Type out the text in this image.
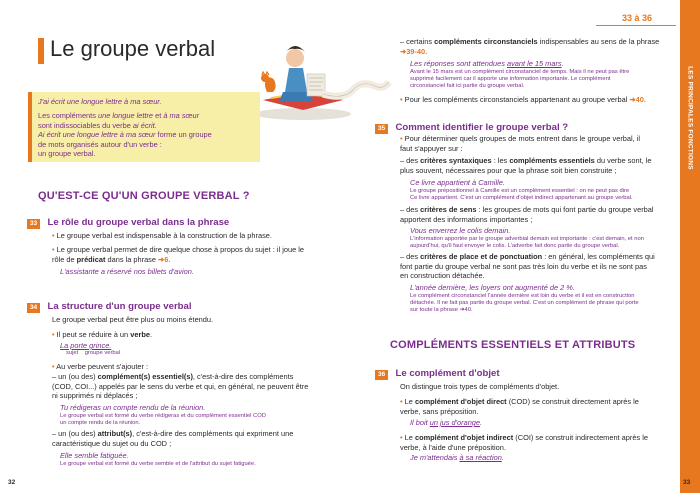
Le groupe verbal
J'ai écrit une longue lettre à ma sœur.
Les compléments une longue lettre et à ma sœur
sont indissociables du verbe ai écrit.
Ai écrit une longue lettre à ma sœur forme un groupe
de mots organisés autour d'un verbe :
un groupe verbal.
QU'EST-CE QU'UN GROUPE VERBAL ?
33 Le rôle du groupe verbal dans la phrase
• Le groupe verbal est indispensable à la construction de la phrase.
• Le groupe verbal permet de dire quelque chose à propos du sujet : il joue le
rôle de prédicat dans la phrase ➜6.
L'assistante a réservé nos billets d'avion.
34 La structure d'un groupe verbal
Le groupe verbal peut être plus ou moins étendu.
• Il peut se réduire à un verbe.
La porte grince.
sujet groupe verbal
• Au verbe peuvent s'ajouter :
– un (ou des) complément(s) essentiel(s), c'est-à-dire des compléments
(COD, COI...) appelés par le sens du verbe et qui, en général, ne peuvent être
ni supprimés ni déplacés ;
Tu rédigeras un compte rendu de la réunion.
Le groupe verbal est formé du verbe rédigeras et du complément essentiel COD
un compte rendu de la réunion.
– un (ou des) attribut(s), c'est-à-dire des compléments qui expriment une
caractéristique du sujet ou du COD ;
Elle semble fatiguée.
Le groupe verbal est formé du verbe semble et de l'attribut du sujet fatiguée.
32
33 à 36
LES PRINCIPALES FONCTIONS
– certains compléments circonstanciels indispensables au sens de la phrase
➜39-40.
Les réponses sont attendues avant le 15 mars.
Avant le 15 mars est un complément circonstanciel de temps. Mais il ne peut pas être
supprimé facilement car il apporte une information importante. Le complément
circonstanciel fait ici partie du groupe verbal.
• Pour les compléments circonstanciels appartenant au groupe verbal ➜40.
35 Comment identifier le groupe verbal ?
• Pour déterminer quels groupes de mots entrent dans le groupe verbal, il
faut s'appuyer sur :
– des critères syntaxiques : les compléments essentiels du verbe sont, le
plus souvent, nécessaires pour que la phrase soit bien construite ;
Ce livre appartient à Camille.
Le groupe prépositionnel à Camille est un complément essentiel : on ne peut pas dire
Ce livre appartient. C'est un complément d'objet indirect appartenant au groupe verbal.
– des critères de sens : les groupes de mots qui font partie du groupe verbal
apportent des informations importantes ;
Vous enverrez le colis demain.
L'information apportée par le groupe adverbial demain est importante : c'est demain, et non
aujourd'hui, qu'il faut envoyer le colis. L'adverbe fait donc partie du groupe verbal.
– des critères de place et de ponctuation : en général, les compléments qui
font partie du groupe verbal ne sont pas très loin du verbe et ils ne sont pas
en construction détachée.
L'année dernière, les loyers ont augmenté de 2 %.
Le complément circonstanciel l'année dernière est loin du verbe et il est en construction
détachée. Il ne fait pas partie du groupe verbal. C'est un complément de phrase qui porte
sur toute la phrase ➜40.
COMPLÉMENTS ESSENTIELS ET ATTRIBUTS
36 Le complément d'objet
On distingue trois types de compléments d'objet.
• Le complément d'objet direct (COD) se construit directement après le
verbe, sans préposition.
Il boit un jus d'orange.
• Le complément d'objet indirect (COI) se construit indirectement après le
verbe, à l'aide d'une préposition.
Je m'attendais à sa réaction.
33
